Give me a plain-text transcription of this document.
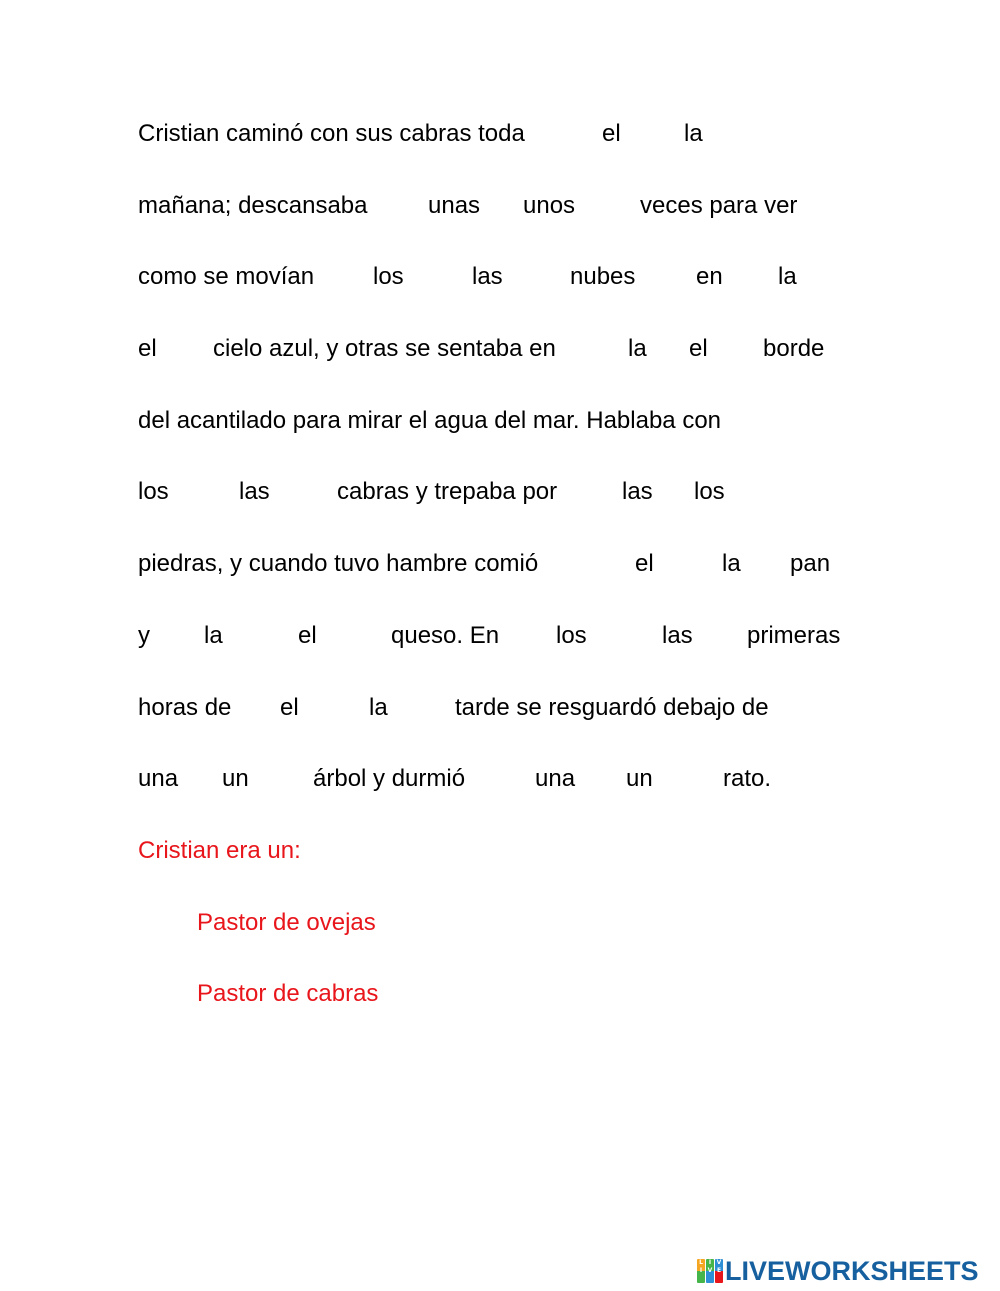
Cristian caminó con sus cabras toda	el	la
mañana; descansaba	unas unos	veces para ver
como se movían los	las	nubes	en la
el cielo azul, y otras se sentaba en	la el borde
del acantilado para mirar el agua del mar. Hablaba con
los	las	cabras y trepaba por	las los
piedras, y cuando tuvo hambre comió	el	la pan
y la	el	queso. En los	las primeras
horas de el	la	tarde se resguardó debajo de
una un	árbol y durmió	una un	rato.
Cristian era un:
Pastor de ovejas
Pastor de cabras
L
I
I
V
V
E LIVEWORKSHEETS
